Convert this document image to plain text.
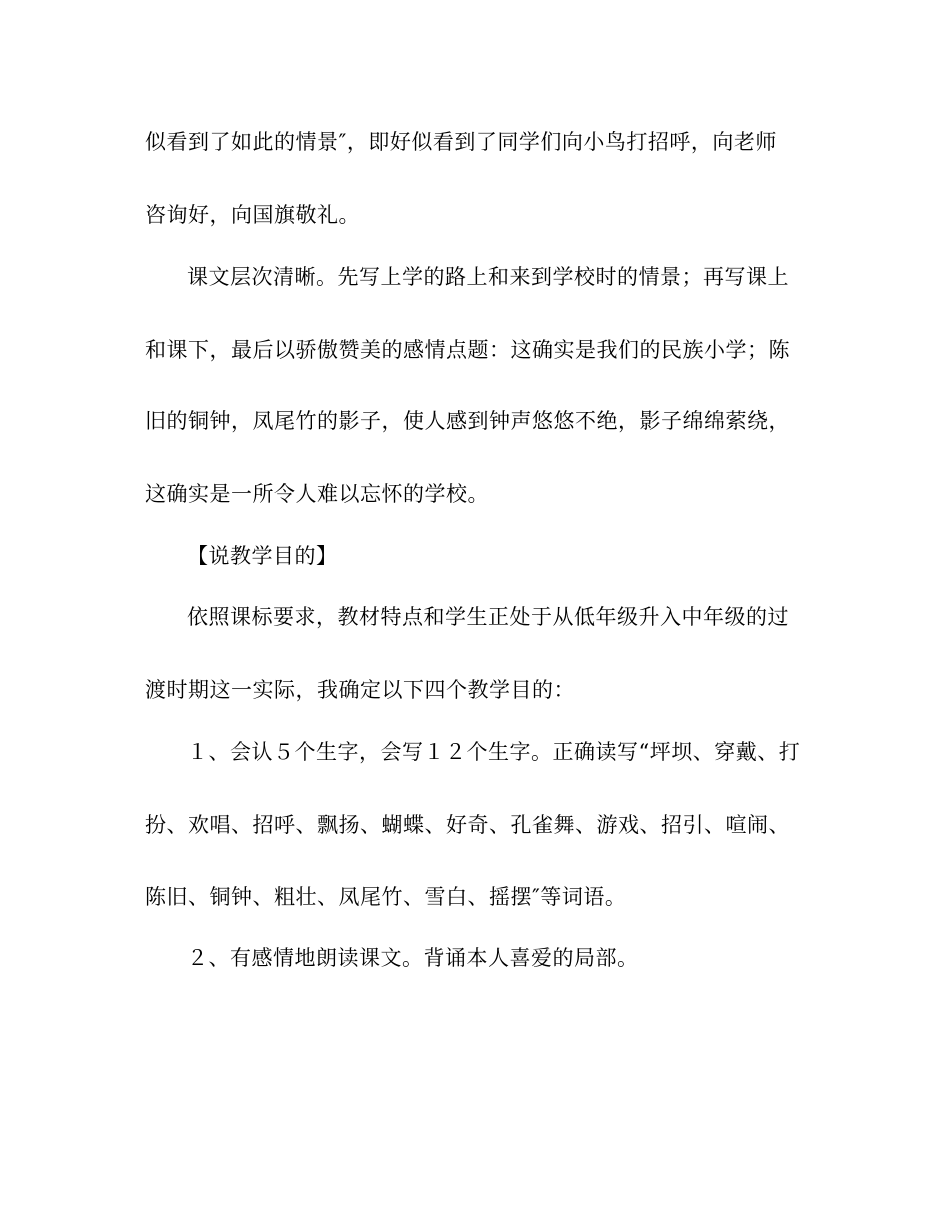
似看到了如此的情景″，即好似看到了同学们向小鸟打招呼，向老师
咨询好，向国旗敬礼。
课文层次清晰。先写上学的路上和来到学校时的情景；再写课上
和课下，最后以骄傲赞美的感情点题：这确实是我们的民族小学；陈
旧的铜钟，凤尾竹的影子，使人感到钟声悠悠不绝，影子绵绵萦绕，
这确实是一所令人难以忘怀的学校。
【说教学目的】
依照课标要求，教材特点和学生正处于从低年级升入中年级的过
渡时期这一实际，我确定以下四个教学目的：
１、会认５个生字，会写１２个生字。正确读写“坪坝、穿戴、打
扮、欢唱、招呼、飘扬、蝴蝶、好奇、孔雀舞、游戏、招引、喧闹、
陈旧、铜钟、粗壮、凤尾竹、雪白、摇摆″等词语。
２、有感情地朗读课文。背诵本人喜爱的局部。
